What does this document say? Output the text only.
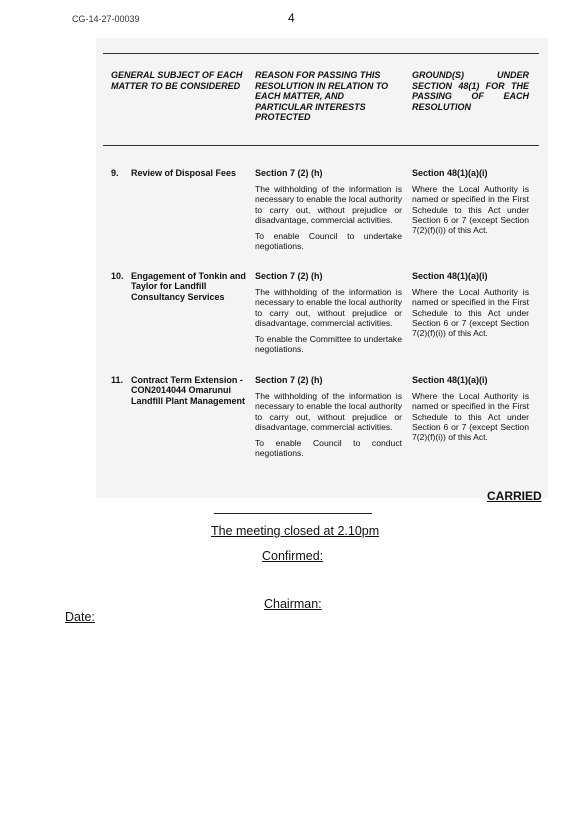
CG-14-27-00039	4
GENERAL SUBJECT OF EACH MATTER TO BE CONSIDERED
REASON FOR PASSING THIS RESOLUTION IN RELATION TO EACH MATTER, AND PARTICULAR INTERESTS PROTECTED
GROUND(S) UNDER SECTION 48(1) FOR THE PASSING OF EACH RESOLUTION
9. Review of Disposal Fees	Section 7 (2) (h)
The withholding of the information is necessary to enable the local authority to carry out, without prejudice or disadvantage, commercial activities.
To enable Council to undertake negotiations.
Section 48(1)(a)(i)
Where the Local Authority is named or specified in the First Schedule to this Act under Section 6 or 7 (except Section 7(2)(f)(i)) of this Act.
10. Engagement of Tonkin and Taylor for Landfill Consultancy Services
Section 7 (2) (h)
The withholding of the information is necessary to enable the local authority to carry out, without prejudice or disadvantage, commercial activities.
To enable the Committee to undertake negotiations.
Section 48(1)(a)(i)
Where the Local Authority is named or specified in the First Schedule to this Act under Section 6 or 7 (except Section 7(2)(f)(i)) of this Act.
11. Contract Term Extension - CON2014044 Omarunui Landfill Plant Management
Section 7 (2) (h)
The withholding of the information is necessary to enable the local authority to carry out, without prejudice or disadvantage, commercial activities.
To enable Council to conduct negotiations.
Section 48(1)(a)(i)
Where the Local Authority is named or specified in the First Schedule to this Act under Section 6 or 7 (except Section 7(2)(f)(i)) of this Act.
CARRIED
The meeting closed at 2.10pm
Confirmed:
Chairman:
Date:
